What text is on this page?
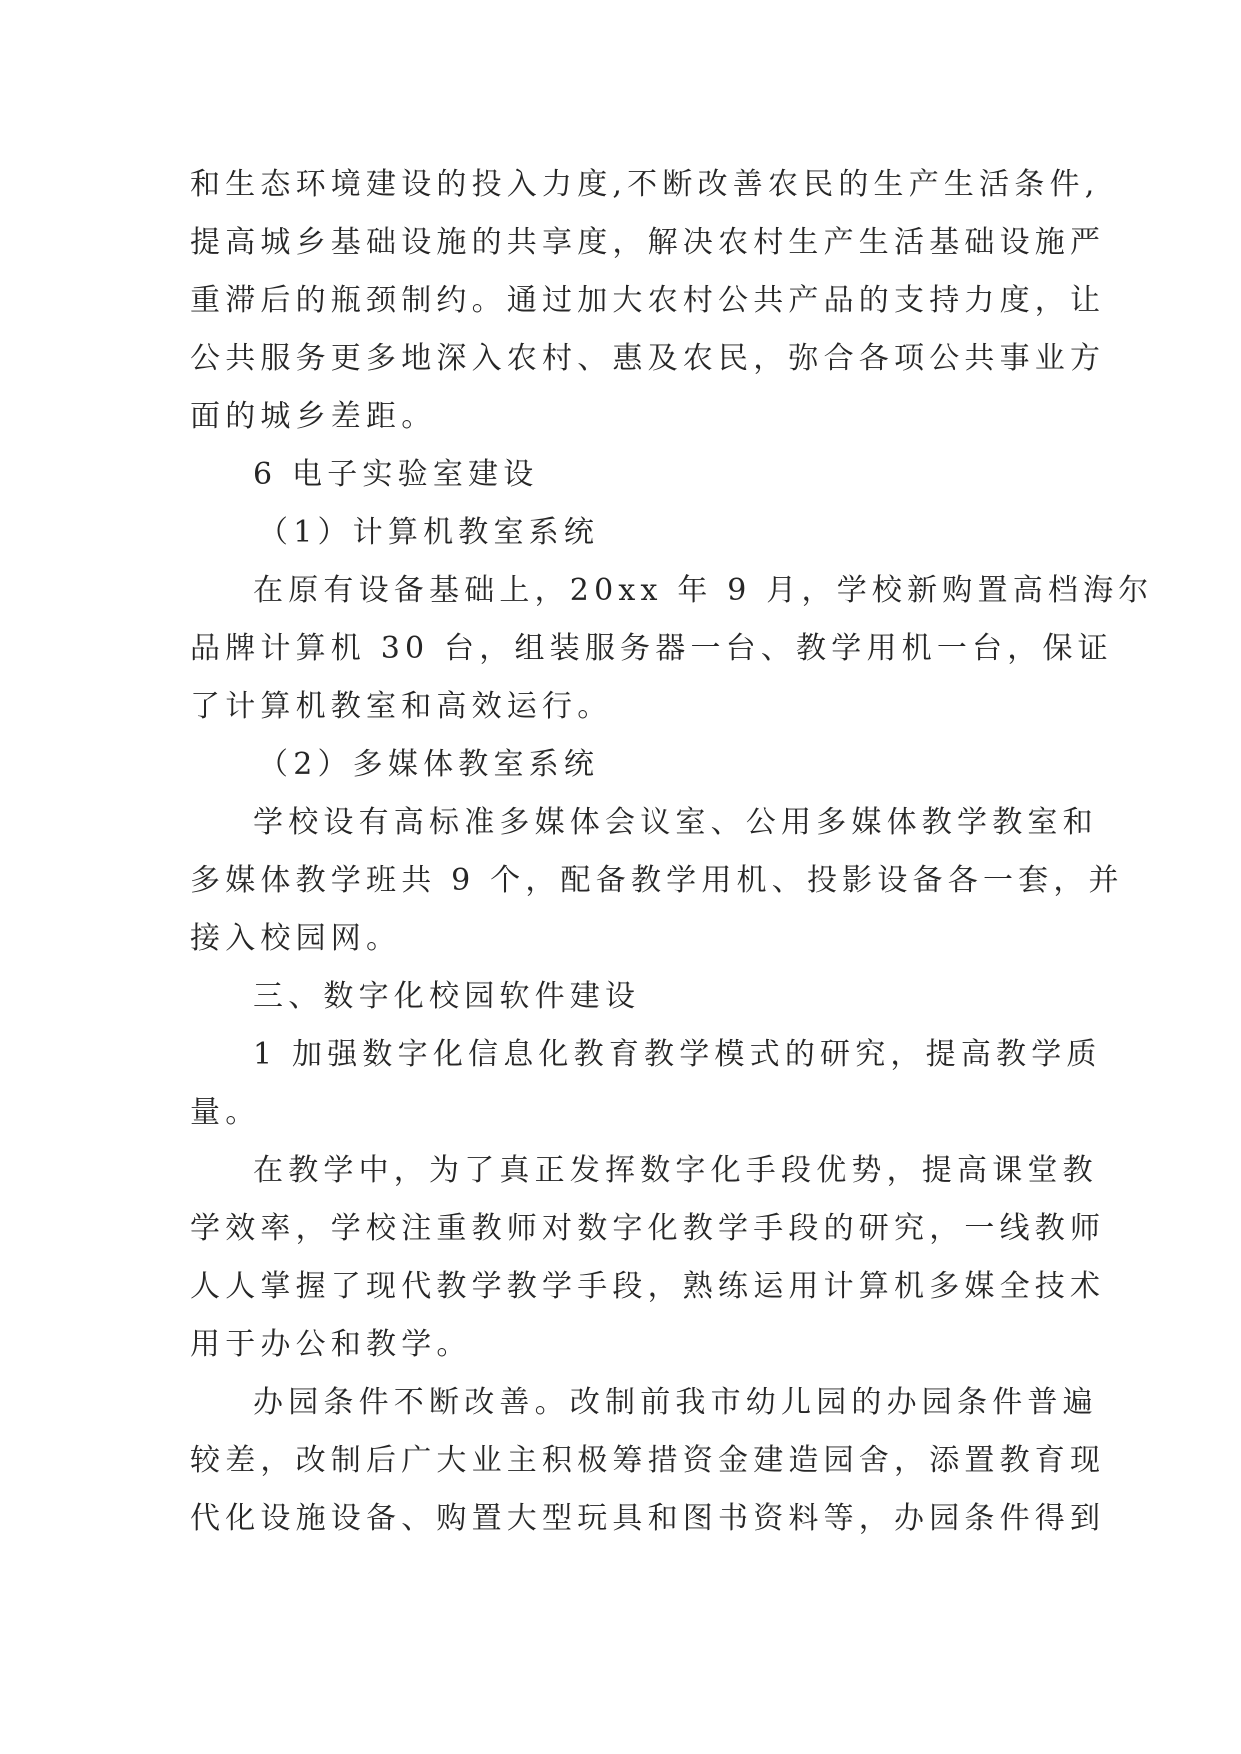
和生态环境建设的投入力度,不断改善农民的生产生活条件,
提高城乡基础设施的共享度，解决农村生产生活基础设施严
重滞后的瓶颈制约。通过加大农村公共产品的支持力度，让
公共服务更多地深入农村、惠及农民，弥合各项公共事业方
面的城乡差距。
6 电子实验室建设
（1）计算机教室系统
在原有设备基础上，20xx 年 9 月，学校新购置高档海尔
品牌计算机 30 台，组装服务器一台、教学用机一台，保证
了计算机教室和高效运行。
（2）多媒体教室系统
学校设有高标准多媒体会议室、公用多媒体教学教室和
多媒体教学班共 9 个，配备教学用机、投影设备各一套，并
接入校园网。
三、数字化校园软件建设
1 加强数字化信息化教育教学模式的研究，提高教学质
量。
在教学中，为了真正发挥数字化手段优势，提高课堂教
学效率，学校注重教师对数字化教学手段的研究，一线教师
人人掌握了现代教学教学手段，熟练运用计算机多媒全技术
用于办公和教学。
办园条件不断改善。改制前我市幼儿园的办园条件普遍
较差，改制后广大业主积极筹措资金建造园舍，添置教育现
代化设施设备、购置大型玩具和图书资料等，办园条件得到
